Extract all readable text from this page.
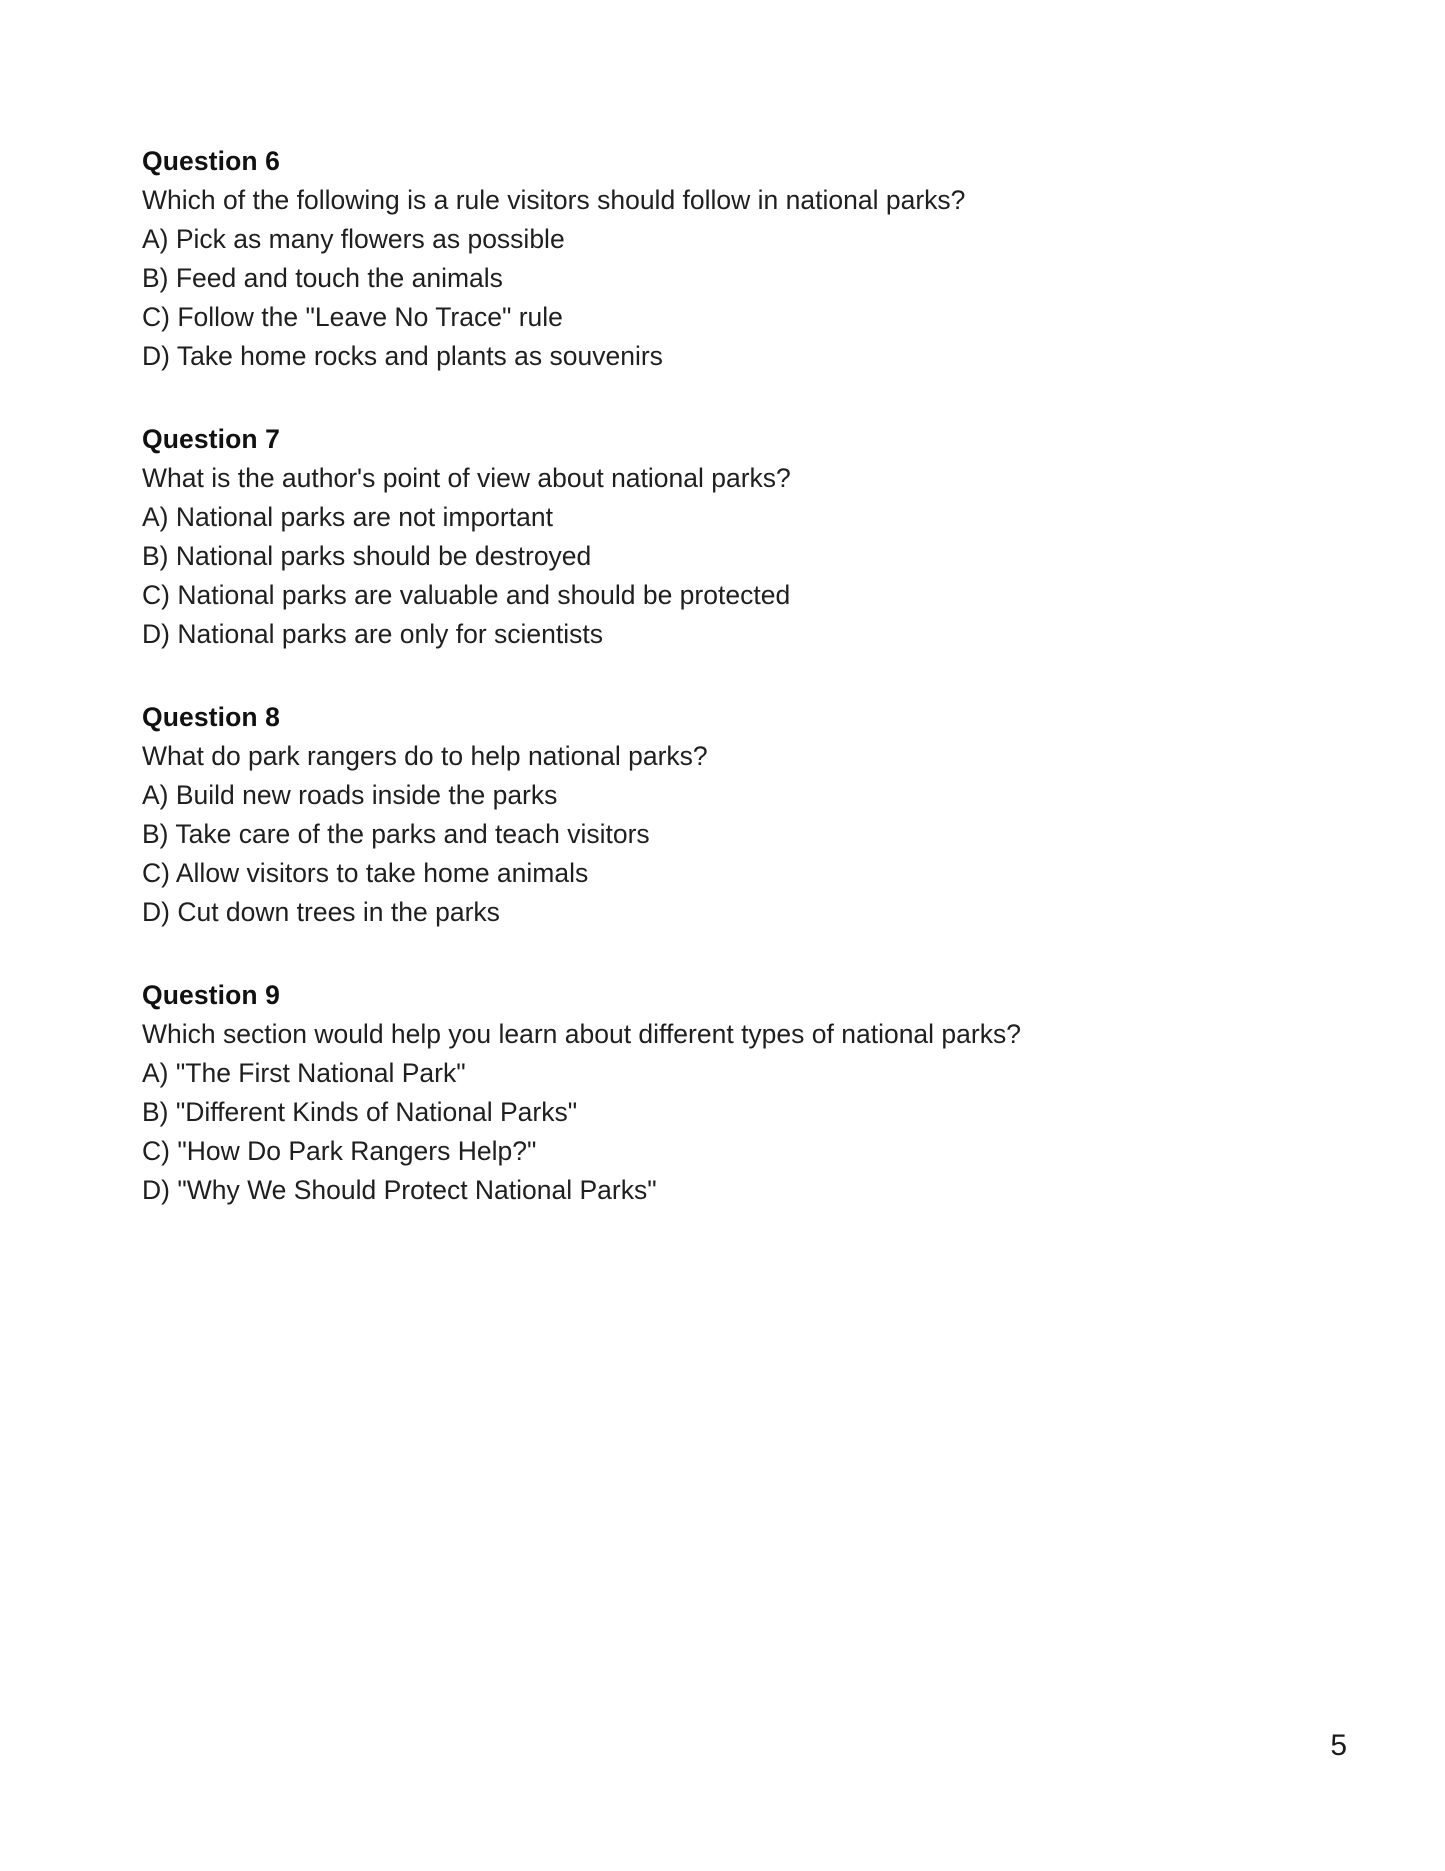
Question 6

Which of the following is a rule visitors should follow in national parks?

A) Pick as many flowers as possible

B) Feed and touch the animals

C) Follow the "Leave No Trace" rule

D) Take home rocks and plants as souvenirs

Question 7

What is the author's point of view about national parks?

A) National parks are not important

B) National parks should be destroyed

C) National parks are valuable and should be protected

D) National parks are only for scientists

Question 8

What do park rangers do to help national parks?

A) Build new roads inside the parks

B) Take care of the parks and teach visitors

C) Allow visitors to take home animals

D) Cut down trees in the parks

Question 9

Which section would help you learn about different types of national parks?

A) "The First National Park"

B) "Different Kinds of National Parks"

C) "How Do Park Rangers Help?"

D) "Why We Should Protect National Parks"

5
